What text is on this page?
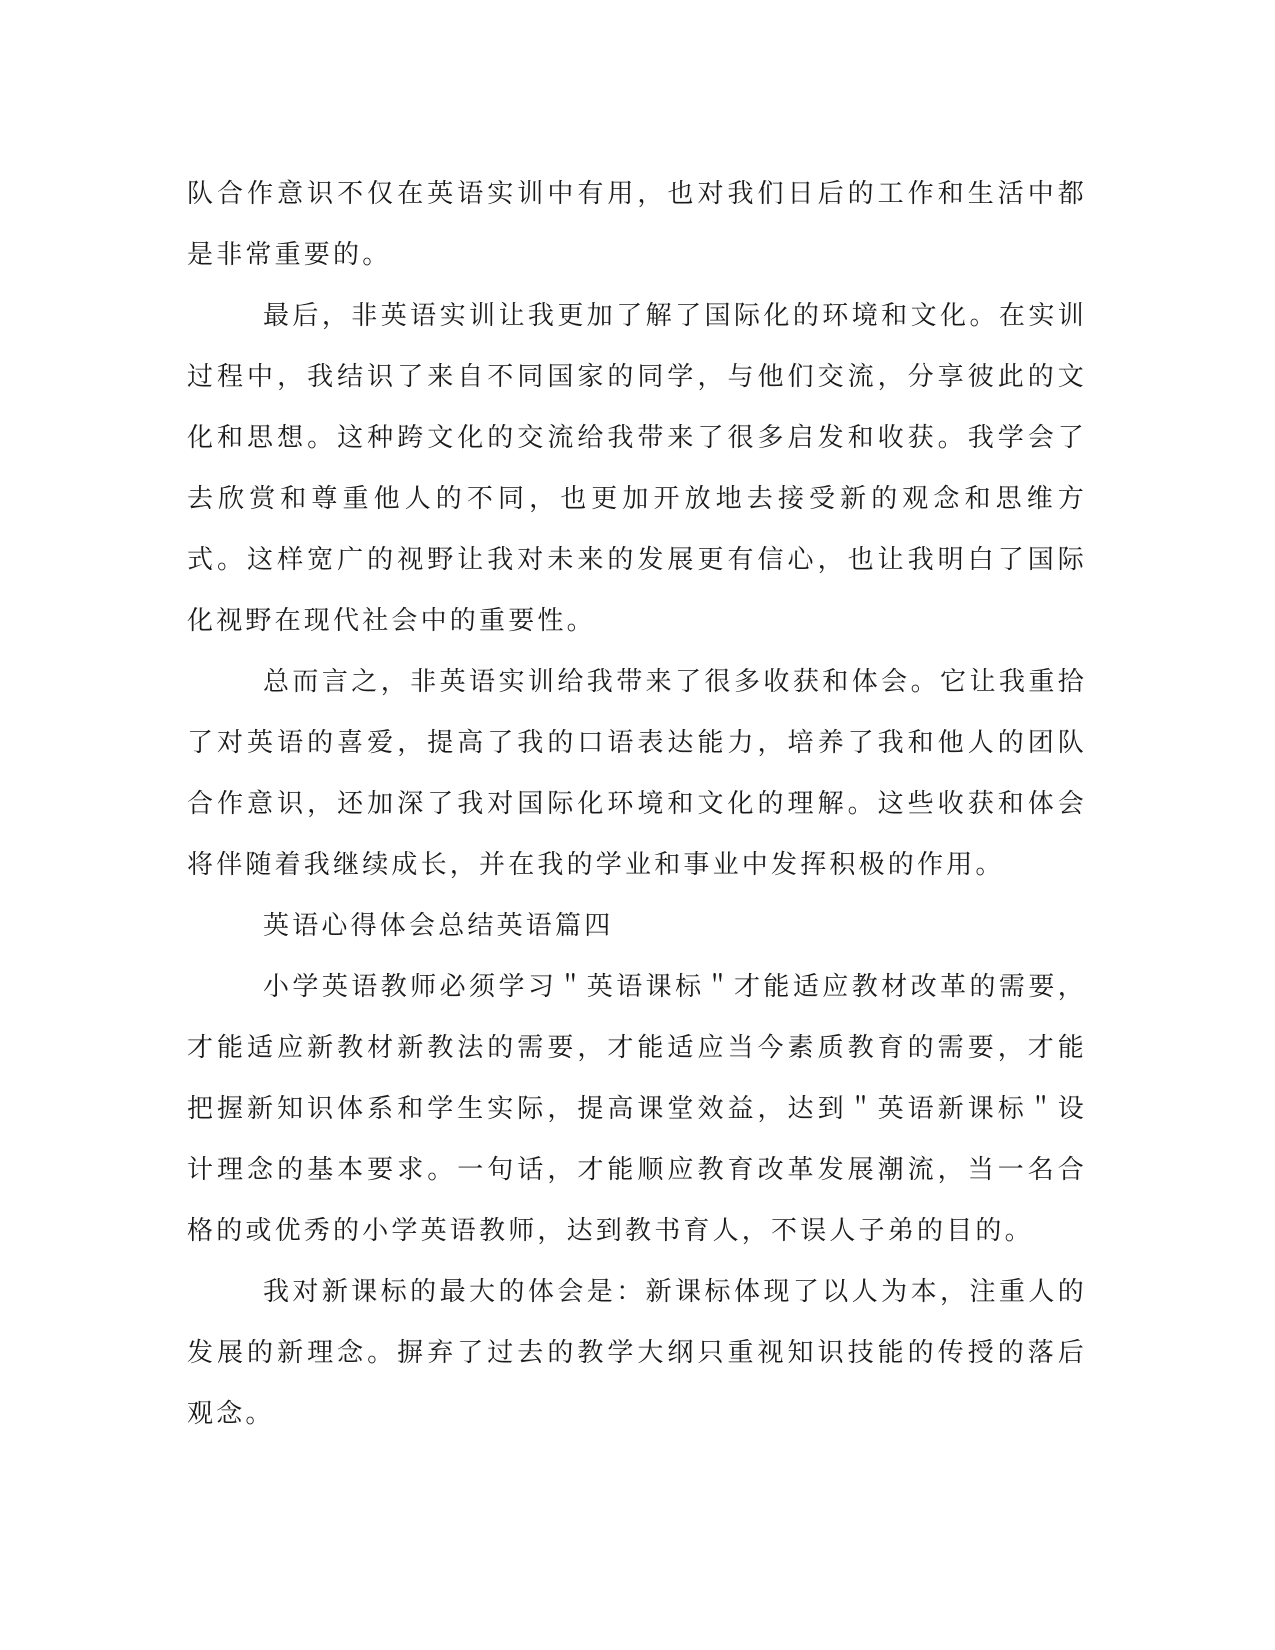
队合作意识不仅在英语实训中有用，也对我们日后的工作和生活中都是非常重要的。

最后，非英语实训让我更加了解了国际化的环境和文化。在实训过程中，我结识了来自不同国家的同学，与他们交流，分享彼此的文化和思想。这种跨文化的交流给我带来了很多启发和收获。我学会了去欣赏和尊重他人的不同，也更加开放地去接受新的观念和思维方式。这样宽广的视野让我对未来的发展更有信心，也让我明白了国际化视野在现代社会中的重要性。

总而言之，非英语实训给我带来了很多收获和体会。它让我重拾了对英语的喜爱，提高了我的口语表达能力，培养了我和他人的团队合作意识，还加深了我对国际化环境和文化的理解。这些收获和体会将伴随着我继续成长，并在我的学业和事业中发挥积极的作用。

英语心得体会总结英语篇四

小学英语教师必须学习＂英语课标＂才能适应教材改革的需要，才能适应新教材新教法的需要，才能适应当今素质教育的需要，才能把握新知识体系和学生实际，提高课堂效益，达到＂英语新课标＂设计理念的基本要求。一句话，才能顺应教育改革发展潮流，当一名合格的或优秀的小学英语教师，达到教书育人，不误人子弟的目的。

我对新课标的最大的体会是：新课标体现了以人为本，注重人的发展的新理念。摒弃了过去的教学大纲只重视知识技能的传授的落后观念。
